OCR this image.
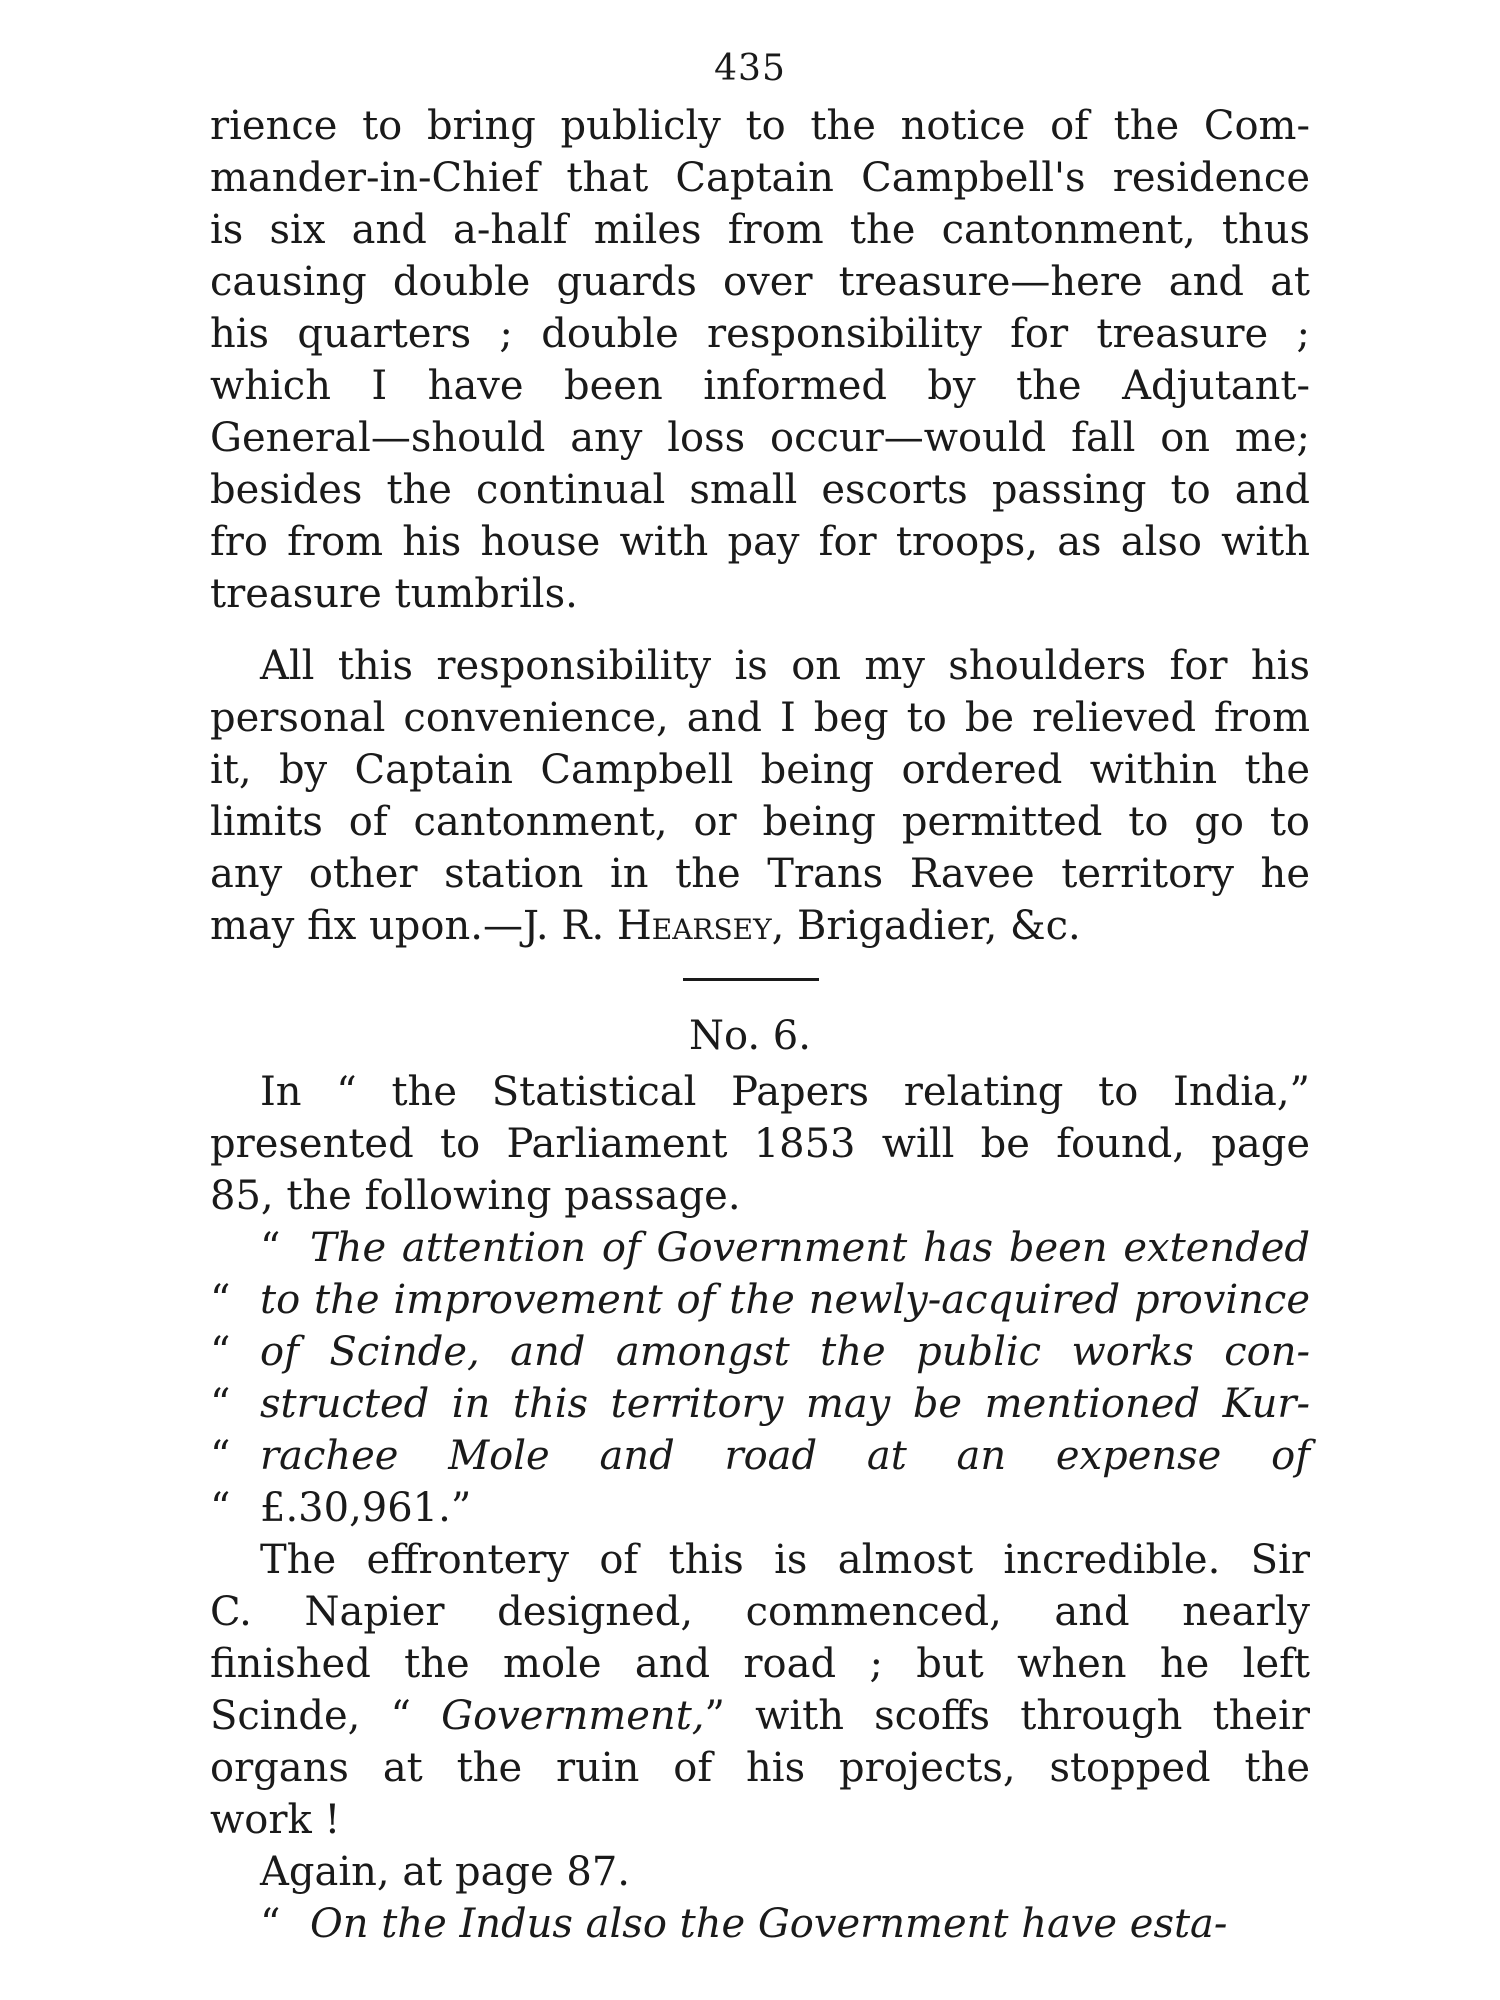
435
rience to bring publicly to the notice of the Com-
mander-in-Chief that Captain Campbell's residence
is six and a-half miles from the cantonment, thus
causing double guards over treasure—here and at
his quarters ; double responsibility for treasure ;
which I have been informed by the Adjutant-
General—should any loss occur—would fall on me;
besides the continual small escorts passing to and
fro from his house with pay for troops, as also with
treasure tumbrils.
All this responsibility is on my shoulders for his
personal convenience, and I beg to be relieved from
it, by Captain Campbell being ordered within the
limits of cantonment, or being permitted to go to
any other station in the Trans Ravee territory he
may fix upon.—J. R. Hearsey, Brigadier, &c.
No. 6.
In “ the Statistical Papers relating to India,”
presented to Parliament 1853 will be found, page
85, the following passage.
“ The attention of Government has been extended
“ to the improvement of the newly-acquired province
“ of Scinde, and amongst the public works con-
“ structed in this territory may be mentioned Kur-
“ rachee Mole and road at an expense of
“ £.30,961.”
The effrontery of this is almost incredible. Sir
C. Napier designed, commenced, and nearly
finished the mole and road ; but when he left
Scinde, “ Government,” with scoffs through their
organs at the ruin of his projects, stopped the
work !
Again, at page 87.
“ On the Indus also the Government have esta-
